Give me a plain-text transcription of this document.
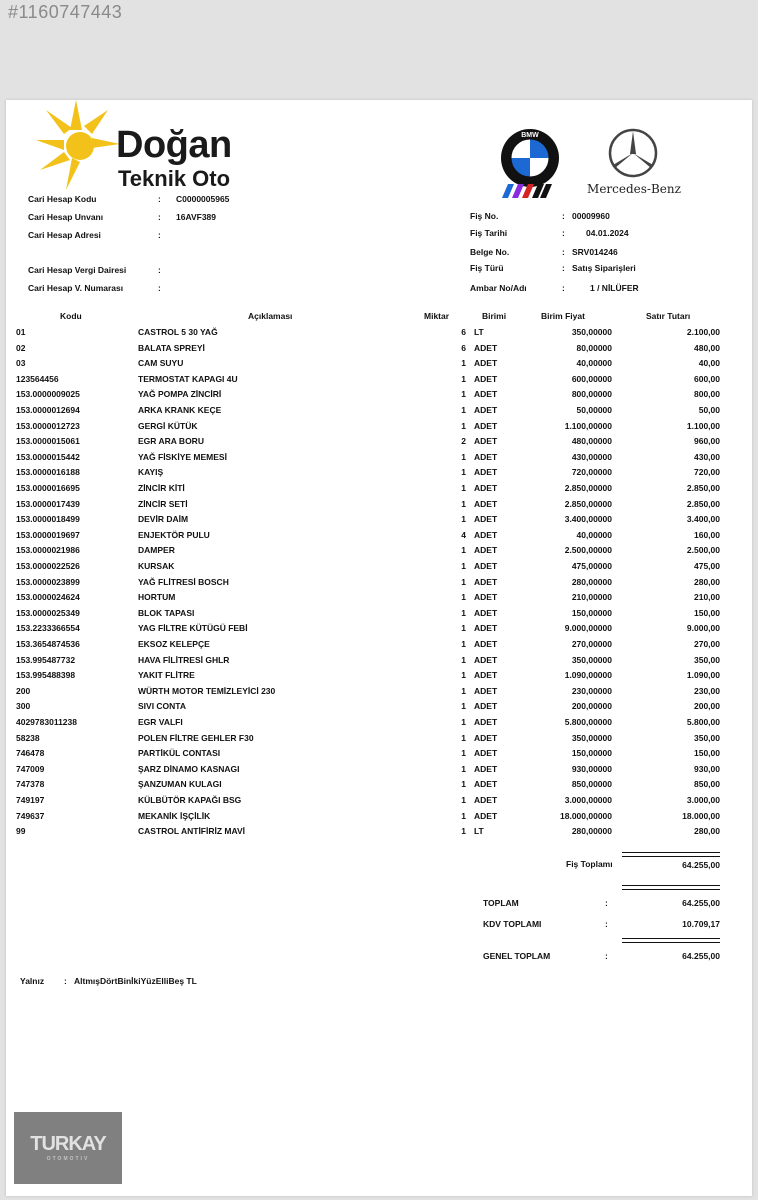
#1160747443
Doğan
Teknik Oto
BMW
Mercedes-Benz
Cari Hesap Kodu	: C0000005965
Cari Hesap Unvanı	: 16AVF389
Cari Hesap Adresi	:
Cari Hesap Vergi Dairesi	:
Cari Hesap V. Numarası	:
Fiş No.	: 00009960
Fiş Tarihi	: 04.01.2024
Belge No.	: SRV014246
Fiş Türü	: Satış Siparişleri
Ambar No/Adı	:	1 / NİLÜFER
Kodu	Açıklaması	Miktar	Birimi	Birim Fiyat	Satır Tutarı
01	CASTROL 5 30 YAĞ	6 LT	350,00000	2.100,00
02	BALATA SPREYİ	6 ADET	80,00000	480,00
03	CAM SUYU	1 ADET	40,00000	40,00
123564456	TERMOSTAT KAPAGI 4U	1 ADET	600,00000	600,00
153.0000009025	YAĞ POMPA ZİNCİRİ	1 ADET	800,00000	800,00
153.0000012694	ARKA KRANK KEÇE	1 ADET	50,00000	50,00
153.0000012723	GERGİ KÜTÜK	1 ADET	1.100,00000	1.100,00
153.0000015061	EGR ARA BORU	2 ADET	480,00000	960,00
153.0000015442	YAĞ FİSKİYE MEMESİ	1 ADET	430,00000	430,00
153.0000016188	KAYIŞ	1 ADET	720,00000	720,00
153.0000016695	ZİNCİR KİTİ	1 ADET	2.850,00000	2.850,00
153.0000017439	ZİNCİR SETİ	1 ADET	2.850,00000	2.850,00
153.0000018499	DEVİR DAİM	1 ADET	3.400,00000	3.400,00
153.0000019697	ENJEKTÖR PULU	4 ADET	40,00000	160,00
153.0000021986	DAMPER	1 ADET	2.500,00000	2.500,00
153.0000022526	KURSAK	1 ADET	475,00000	475,00
153.0000023899	YAĞ FLİTRESİ BOSCH	1 ADET	280,00000	280,00
153.0000024624	HORTUM	1 ADET	210,00000	210,00
153.0000025349	BLOK TAPASI	1 ADET	150,00000	150,00
153.2233366554	YAG FİLTRE KÜTÜGÜ FEBİ	1 ADET	9.000,00000	9.000,00
153.3654874536	EKSOZ KELEPÇE	1 ADET	270,00000	270,00
153.995487732	HAVA FİLİTRESİ GHLR	1 ADET	350,00000	350,00
153.995488398	YAKIT FLİTRE	1 ADET	1.090,00000	1.090,00
200	WÜRTH MOTOR TEMİZLEYİCİ 230	1 ADET	230,00000	230,00
300	SIVI CONTA	1 ADET	200,00000	200,00
4029783011238	EGR VALFI	1 ADET	5.800,00000	5.800,00
58238	POLEN FİLTRE GEHLER F30	1 ADET	350,00000	350,00
746478	PARTİKÜL CONTASI	1 ADET	150,00000	150,00
747009	ŞARZ DİNAMO KASNAGI	1 ADET	930,00000	930,00
747378	ŞANZUMAN KULAGI	1 ADET	850,00000	850,00
749197	KÜLBÜTÖR KAPAĞI BSG	1 ADET	3.000,00000	3.000,00
749637	MEKANİK İŞÇİLİK	1 ADET	18.000,00000	18.000,00
99	CASTROL ANTİFİRİZ MAVİ	1 LT	280,00000	280,00
Fiş Toplamı	64.255,00
TOPLAM	:	64.255,00
KDV TOPLAMI	:	10.709,17
GENEL TOPLAM	:	64.255,00
Yalnız : AltmışDörtBinİkiYüzElliBeş TL
TURKAY
OTOMOTIV
